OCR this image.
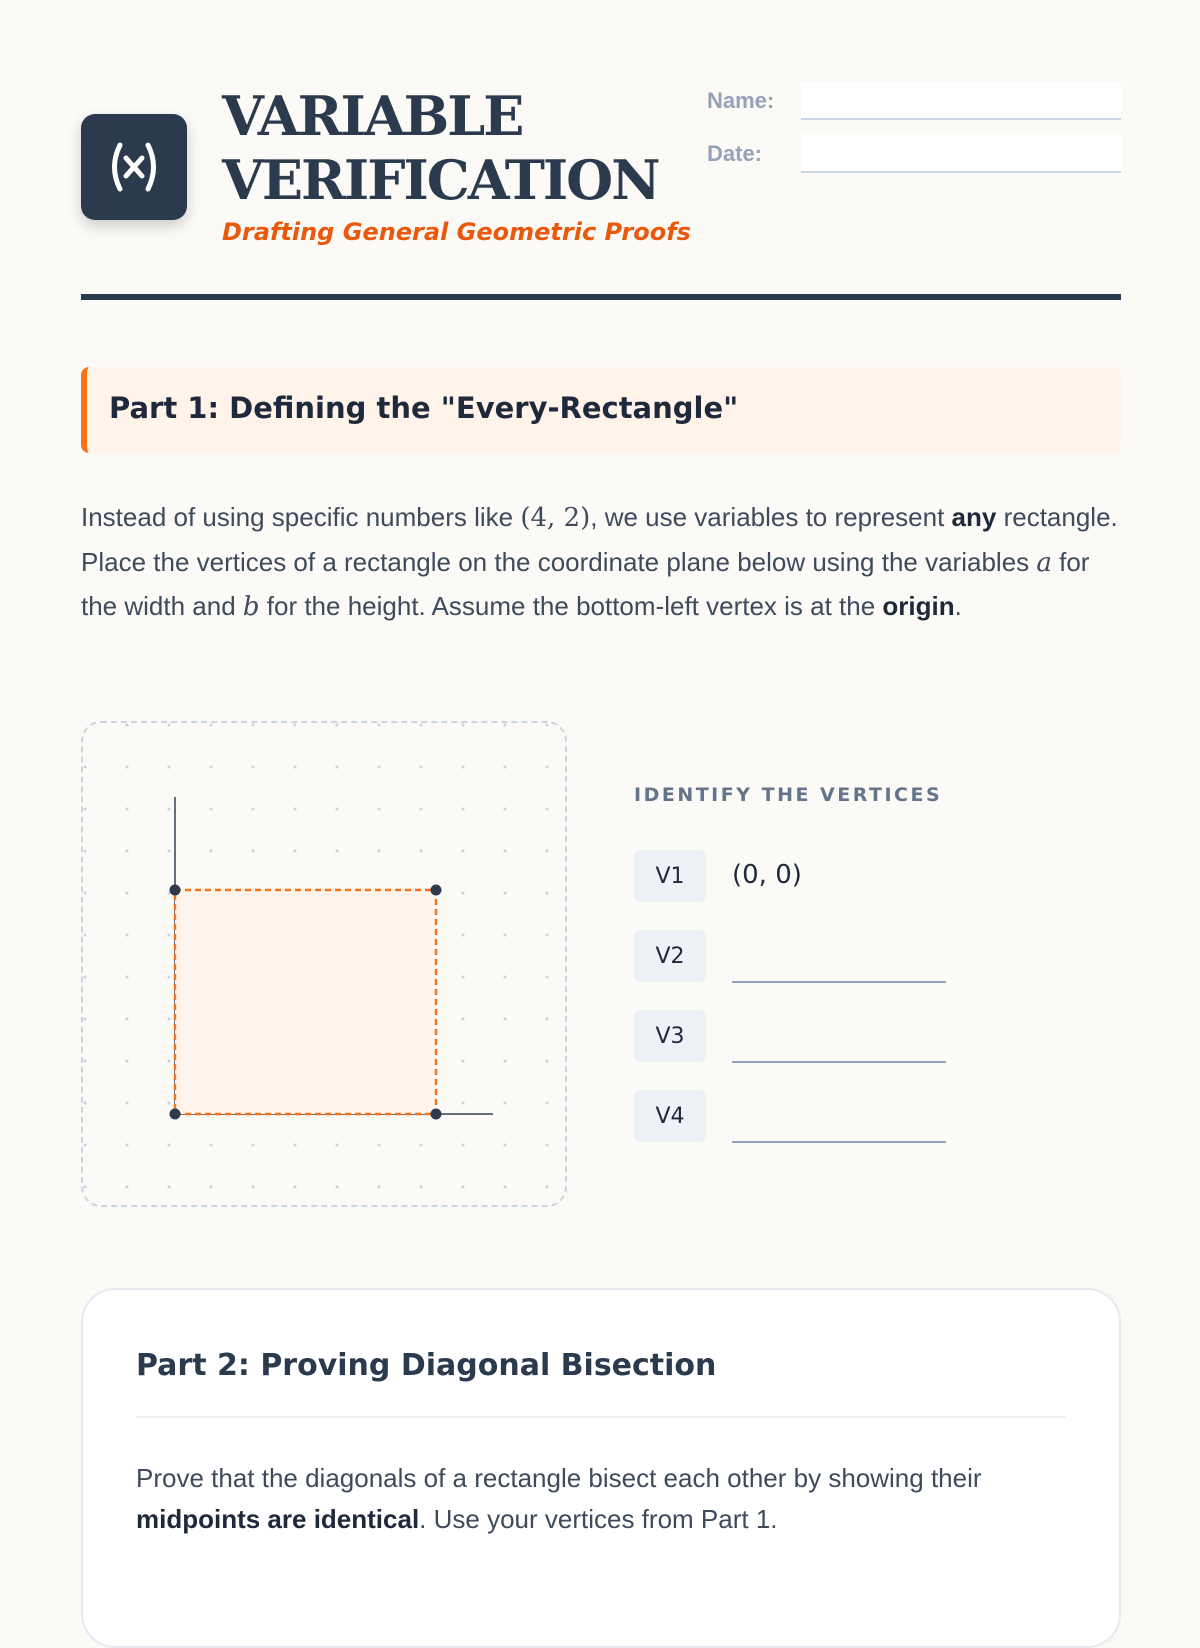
VARIABLE
VERIFICATION
Drafting General Geometric Proofs
Name:
Date:
Part 1: Defining the "Every-Rectangle"

Instead of using specific numbers like (4, 2), we use variables to represent any rectangle. Place the vertices of a rectangle on the coordinate plane below using the variables a for the width and b for the height. Assume the bottom-left vertex is at the origin.

IDENTIFY THE VERTICES
V1	(0, 0)
V2
V3
V4
Part 2: Proving Diagonal Bisection

Prove that the diagonals of a rectangle bisect each other by showing their midpoints are identical. Use your vertices from Part 1.
